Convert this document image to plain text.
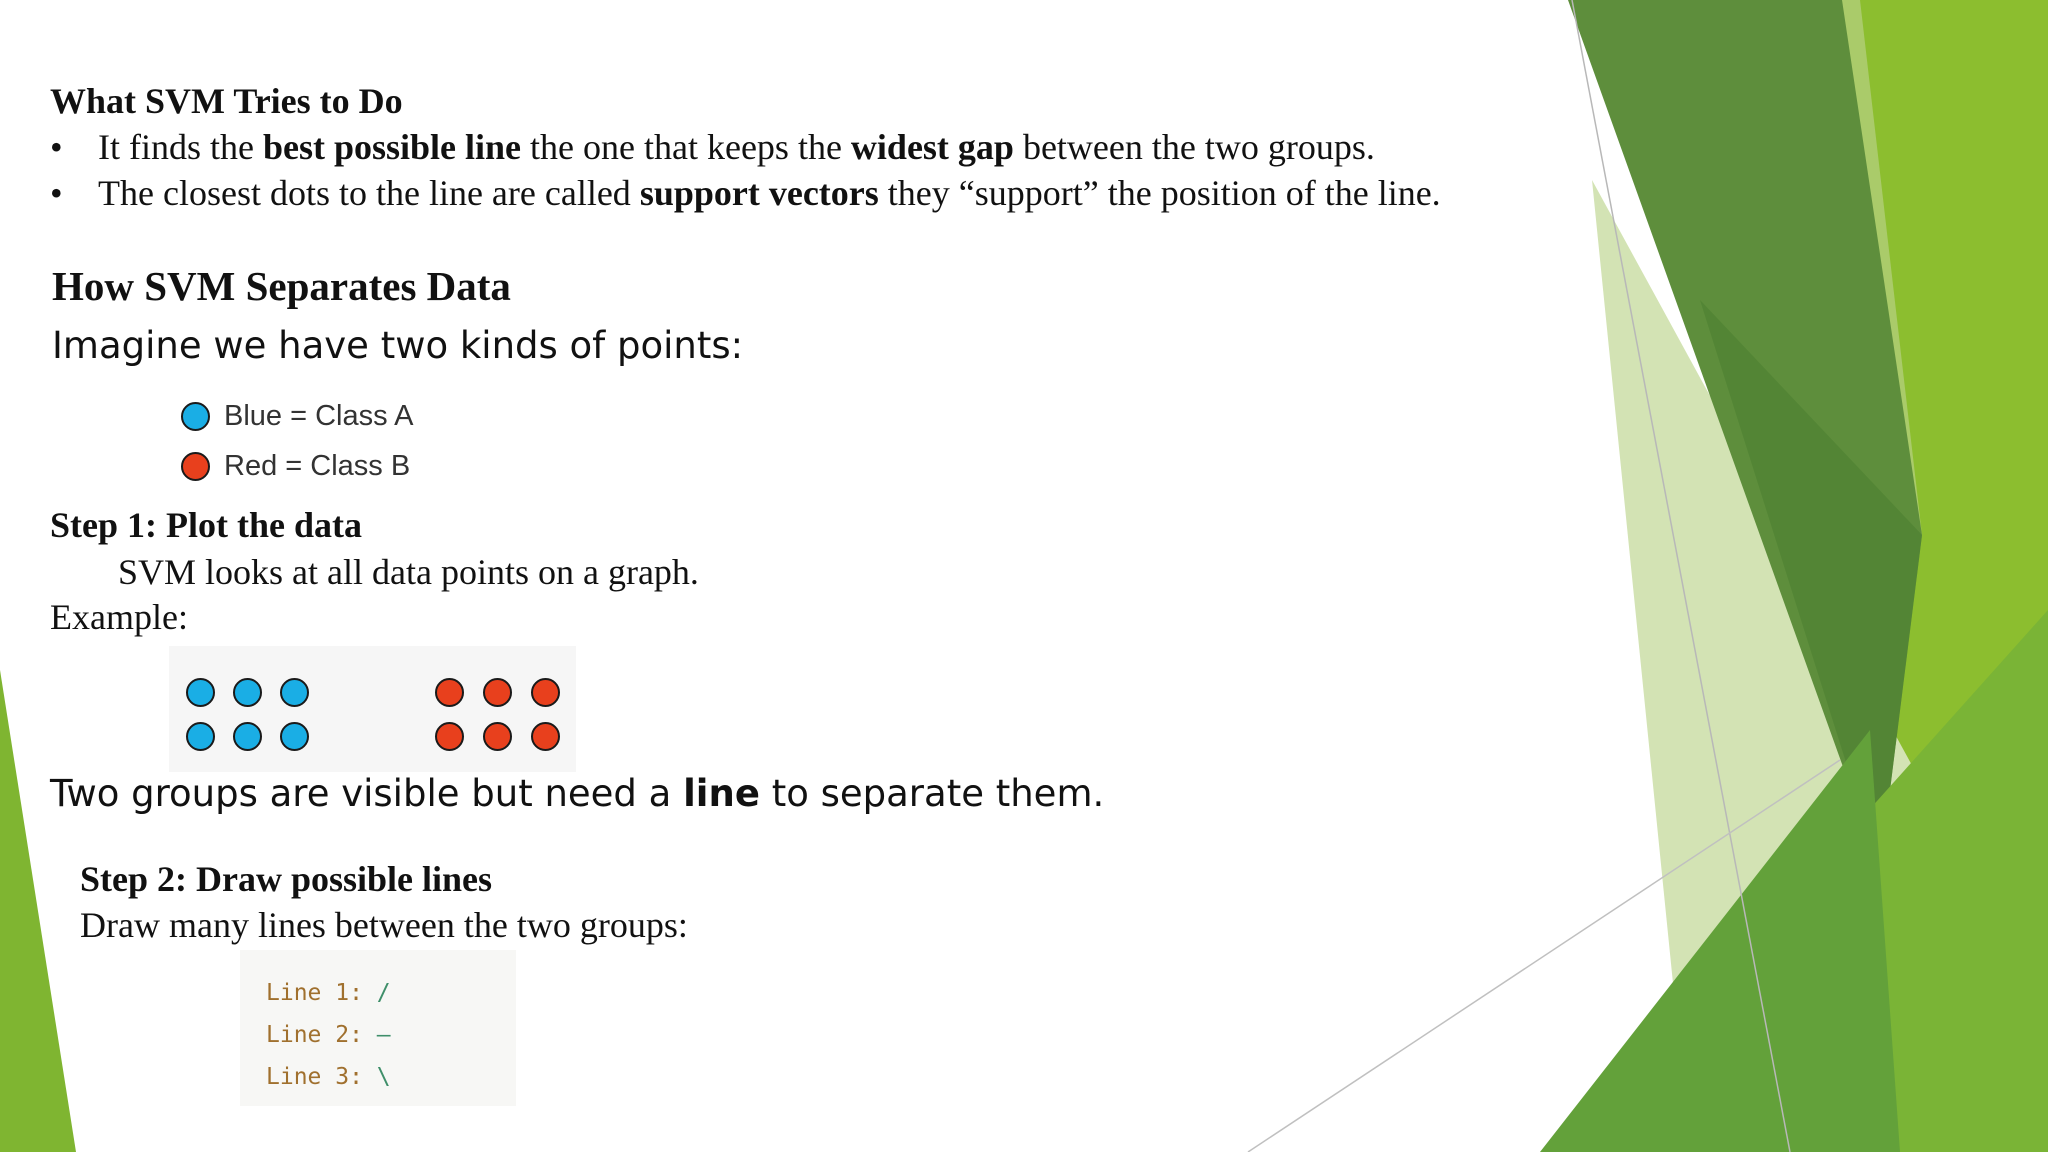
What SVM Tries to Do
• It finds the best possible line the one that keeps the widest gap between the two groups.
• The closest dots to the line are called support vectors they “support” the position of the line.
How SVM Separates Data
Imagine we have two kinds of points:
Blue = Class A
Red = Class B
Step 1: Plot the data
SVM looks at all data points on a graph.
Example:
Two groups are visible but need a line to separate them.
Step 2: Draw possible lines
Draw many lines between the two groups:
Line 1: /
Line 2: —
Line 3: \
